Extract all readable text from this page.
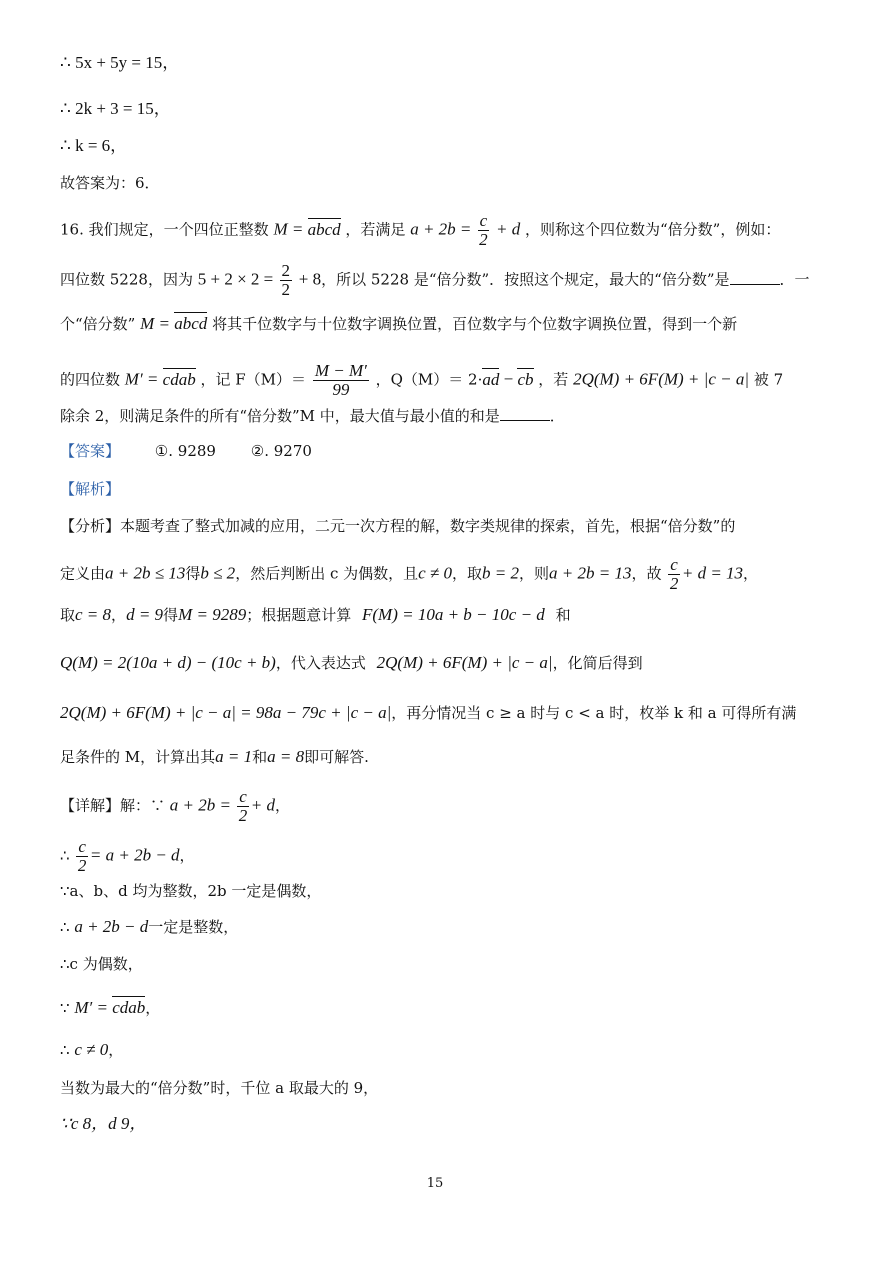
∴ 5x + 5y = 15，
∴ 2k + 3 = 15，
∴ k = 6，
故答案为：6．
16. 我们规定，一个四位正整数 M = abcd ，若满足 $a + 2b = \frac{c}{2} + d$ ，则称这个四位数为“倍分数”，例如：
四位数 5228，因为 $5 + 2 \times 2 = \frac{2}{2} + 8$，所以 5228 是“倍分数”．按照这个规定，最大的“倍分数”是	．一
个“倍分数” M = abcd 将其千位数字与十位数字调换位置，百位数字与个位数字调换位置，得到一个新
的四位数 M′ = cdab ，记 $F(M)= \frac{M - M'}{99}$ ，Q（M）＝ 2·ad − cb ，若 2Q(M) + 6F(M) + |c − a| 被 7
除余 2，则满足条件的所有“倍分数”M 中，最大值与最小值的和是	．
【答案】 ①. 9289 ②. 9270
【解析】
【分析】本题考查了整式加减的应用，二元一次方程的解，数字类规律的探索，首先，根据“倍分数”的
定义由a + 2b ≤ 13得b ≤ 2，然后判断出 c 为偶数，且c ≠ 0，取b = 2，则a + 2b = 13，故 $\frac{c}{2} + d = 13$，
取c = 8，d = 9得M = 9289；根据题意计算 F(M) = 10a + b − 10c − d 和
Q(M) = 2(10a + d) − (10c + b)，代入表达式 2Q(M) + 6F(M) + |c − a|，化简后得到
2Q(M) + 6F(M) + |c − a| = 98a − 79c + |c − a|，再分情况当 c ≥ a 时与 c < a 时，枚举 k 和 a 可得所有满
足条件的 M，计算出其a = 1和a = 8即可解答.
【详解】解：∵ $a + 2b = \frac{c}{2} + d$，
∴ $\frac{c}{2} = a + 2b - d$，
∵a、b、d 均为整数，2b 一定是偶数，
∴ a + 2b − d一定是整数，
∴c 为偶数，
∵ M′ = cdab，
∴ c ≠ 0，
当数为最大的“倍分数”时，千位 a 取最大的 9，
∵c 8，d 9，
15
